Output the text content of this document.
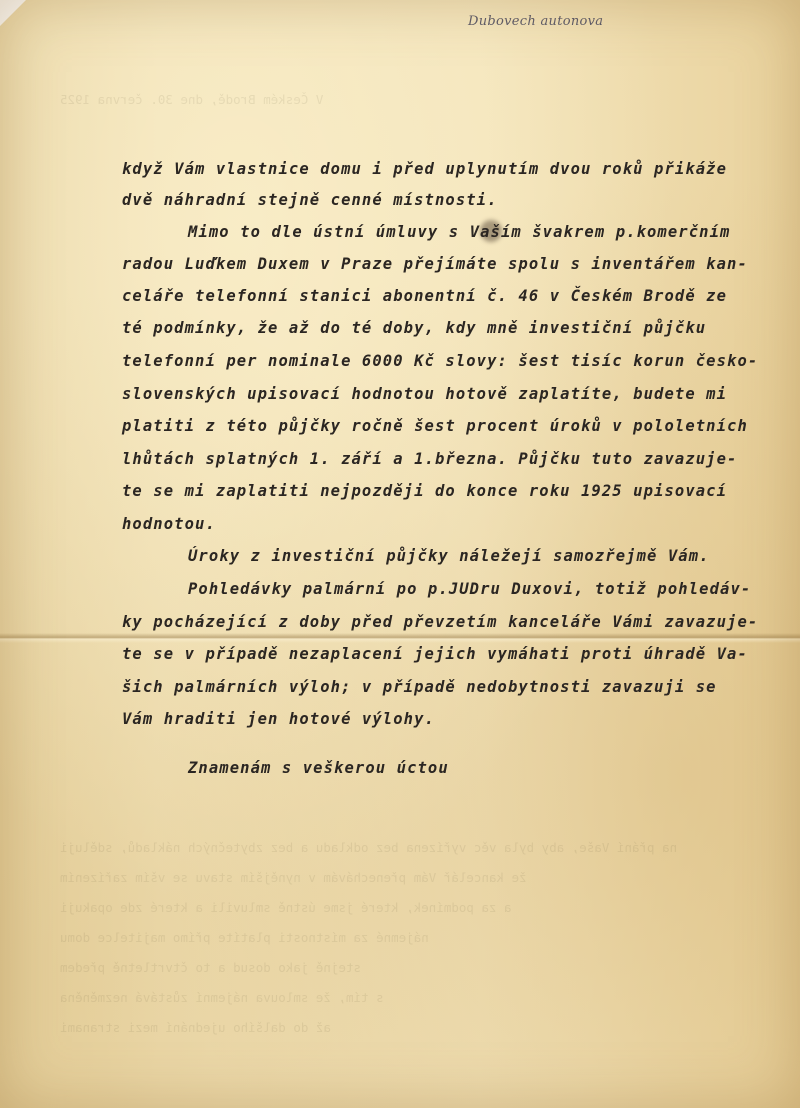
V Českém Brodě, dne 30. června 1925
na přání Vaše, aby byla věc vyřízena bez odkladu a bez zbytečných nákladů, sděluji
že kancelář Vám přenechávám v nynějším stavu se vším zařízením
a za podmínek, které jsme ústně smluvili a které zde opakuji
nájemné za místnosti platíte přímo majitelce domu
stejně jako dosud a to čtvrtletně předem
s tím, že smlouva nájemní zůstává nezměněna
až do dalšího ujednání mezi stranami
Dubovech autonova
když Vám vlastnice domu i před uplynutím dvou roků přikáže
dvě náhradní stejně cenné místnosti.
Mimo to dle ústní úmluvy s Vaším švakrem p.komerčním
radou Luďkem Duxem v Praze přejímáte spolu s inventářem kan-
celáře telefonní stanici abonentní č. 46 v Českém Brodě ze
té podmínky, že až do té doby, kdy mně investiční půjčku
telefonní per nominale 6000 Kč slovy: šest tisíc korun česko-
slovenských upisovací hodnotou hotově zaplatíte, budete mi
platiti z této půjčky ročně šest procent úroků v pololetních
lhůtách splatných 1. září a 1.března. Půjčku tuto zavazuje-
te se mi zaplatiti nejpozději do konce roku 1925 upisovací
hodnotou.
Úroky z investiční půjčky náležejí samozřejmě Vám.
Pohledávky palmární po p.JUDru Duxovi, totiž pohledáv-
ky pocházející z doby před převzetím kanceláře Vámi zavazuje-
te se v případě nezaplacení jejich vymáhati proti úhradě Va-
šich palmárních výloh; v případě nedobytnosti zavazuji se
Vám hraditi jen hotové výlohy.
Znamenám s veškerou úctou
